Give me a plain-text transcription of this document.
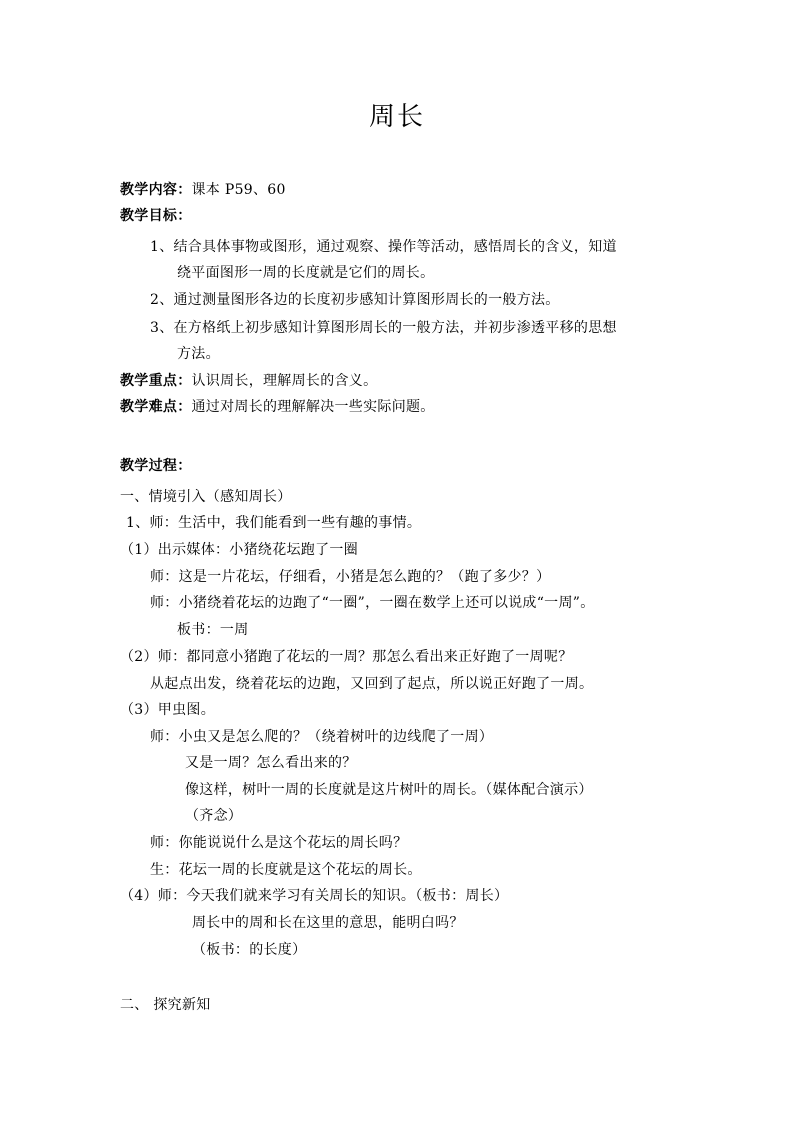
周长
教学内容：课本 P59、60
教学目标：
1、结合具体事物或图形，通过观察、操作等活动，感悟周长的含义，知道
绕平面图形一周的长度就是它们的周长。
2、通过测量图形各边的长度初步感知计算图形周长的一般方法。
3、在方格纸上初步感知计算图形周长的一般方法，并初步渗透平移的思想
方法。
教学重点：认识周长，理解周长的含义。
教学难点：通过对周长的理解解决一些实际问题。
教学过程：
一、情境引入（感知周长）
1、师：生活中，我们能看到一些有趣的事情。
（1）出示媒体：小猪绕花坛跑了一圈
师：这是一片花坛，仔细看，小猪是怎么跑的？（跑了多少？）
师：小猪绕着花坛的边跑了“一圈”，一圈在数学上还可以说成“一周”。
板书：一周
（2）师：都同意小猪跑了花坛的一周？那怎么看出来正好跑了一周呢？
从起点出发，绕着花坛的边跑，又回到了起点，所以说正好跑了一周。
（3）甲虫图。
师：小虫又是怎么爬的？（绕着树叶的边线爬了一周）
又是一周？怎么看出来的？
像这样，树叶一周的长度就是这片树叶的周长。（媒体配合演示）
（齐念）
师：你能说说什么是这个花坛的周长吗？
生：花坛一周的长度就是这个花坛的周长。
（4）师：今天我们就来学习有关周长的知识。（板书：周长）
周长中的周和长在这里的意思，能明白吗？
（板书：的长度）
二、 探究新知
